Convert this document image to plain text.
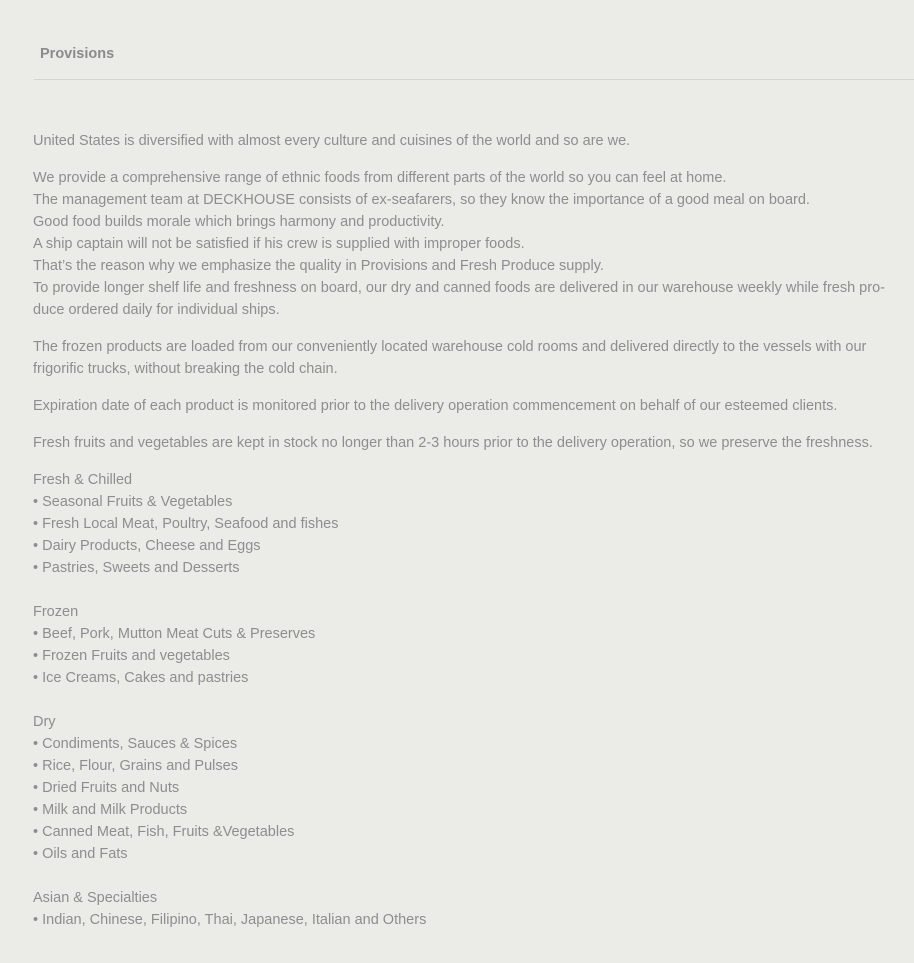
Provisions

United States is diversified with almost every culture and cuisines of the world and so are we.

We provide a comprehensive range of ethnic foods from different parts of the world so you can feel at home.
The management team at DECKHOUSE consists of ex-seafarers, so they know the importance of a good meal on board.
Good food builds morale which brings harmony and productivity.
A ship captain will not be satisfied if his crew is supplied with improper foods.
That’s the reason why we emphasize the quality in Provisions and Fresh Produce supply.
To provide longer shelf life and freshness on board, our dry and canned foods are delivered in our warehouse weekly while fresh pro-duce ordered daily for individual ships.

The frozen products are loaded from our conveniently located warehouse cold rooms and delivered directly to the vessels with our frigorific trucks, without breaking the cold chain.

Expiration date of each product is monitored prior to the delivery operation commencement on behalf of our esteemed clients.

Fresh fruits and vegetables are kept in stock no longer than 2-3 hours prior to the delivery operation, so we preserve the freshness.

Fresh & Chilled
• Seasonal Fruits & Vegetables
• Fresh Local Meat, Poultry, Seafood and fishes
• Dairy Products, Cheese and Eggs
• Pastries, Sweets and Desserts
Frozen
• Beef, Pork, Mutton Meat Cuts & Preserves
• Frozen Fruits and vegetables
• Ice Creams, Cakes and pastries
Dry
• Condiments, Sauces & Spices
• Rice, Flour, Grains and Pulses
• Dried Fruits and Nuts
• Milk and Milk Products
• Canned Meat, Fish, Fruits &Vegetables
• Oils and Fats
Asian & Specialties
• Indian, Chinese, Filipino, Thai, Japanese, Italian and Others
